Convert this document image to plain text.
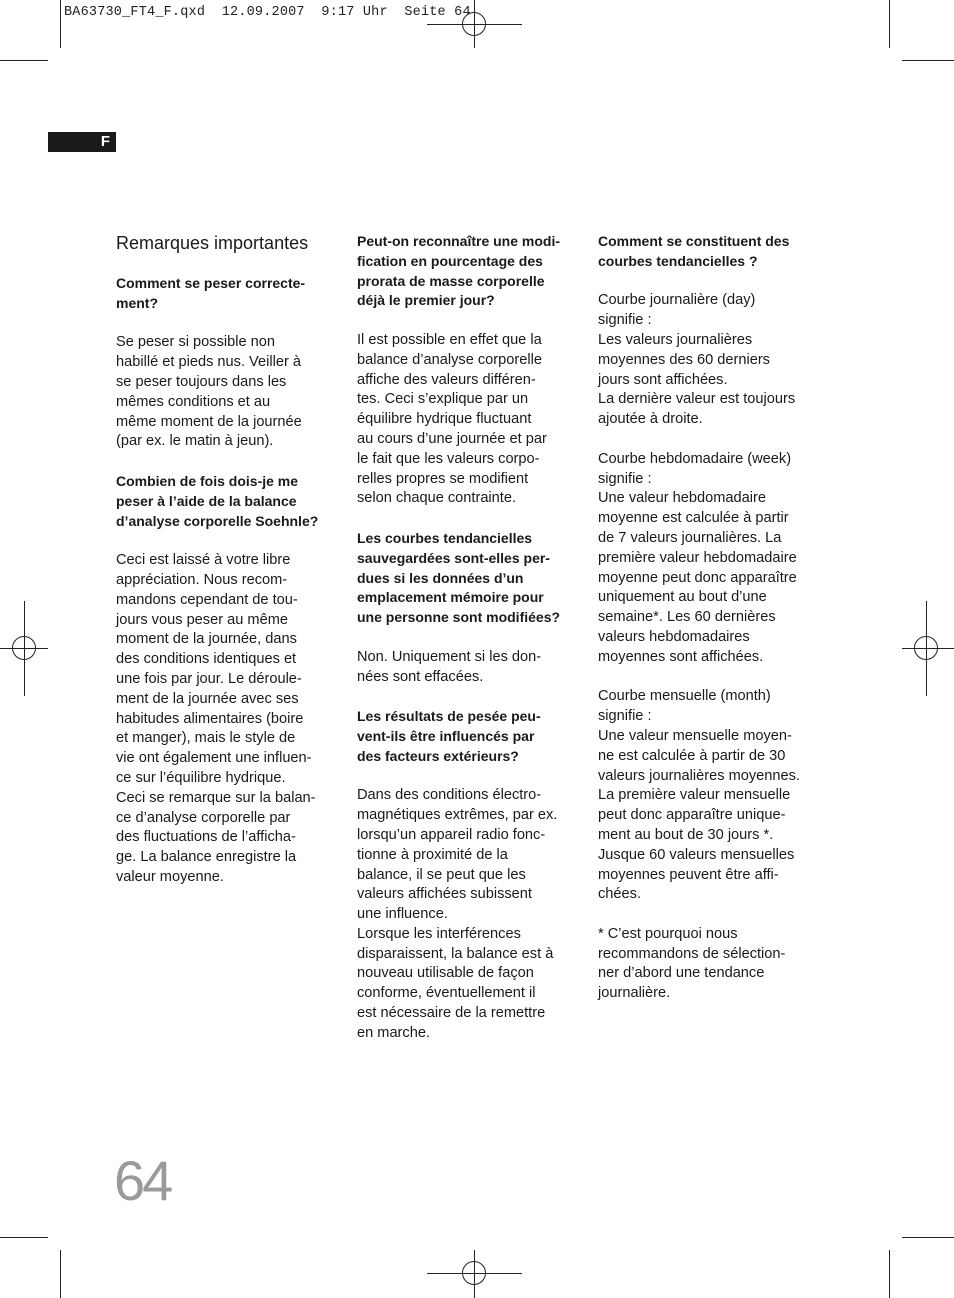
BA63730_FT4_F.qxd  12.09.2007  9:17 Uhr  Seite 64
F
Remarques importantes

Comment se peser correcte-
ment?

Se peser si possible non
habillé et pieds nus. Veiller à
se peser toujours dans les
mêmes conditions et au
même moment de la journée
(par ex. le matin à jeun).

Combien de fois dois-je me
peser à l’aide de la balance
d’analyse corporelle Soehnle?

Ceci est laissé à votre libre
appréciation. Nous recom-
mandons cependant de tou-
jours vous peser au même
moment de la journée, dans
des conditions identiques et
une fois par jour. Le déroule-
ment de la journée avec ses
habitudes alimentaires (boire
et manger), mais le style de
vie ont également une influen-
ce sur l’équilibre hydrique.
Ceci se remarque sur la balan-
ce d’analyse corporelle par
des fluctuations de l’afficha-
ge. La balance enregistre la
valeur moyenne.

Peut-on reconnaître une modi-
fication en pourcentage des
prorata de masse corporelle
déjà le premier jour?

Il est possible en effet que la
balance d’analyse corporelle
affiche des valeurs différen-
tes. Ceci s’explique par un
équilibre hydrique fluctuant
au cours d’une journée et par
le fait que les valeurs corpo-
relles propres se modifient
selon chaque contrainte.

Les courbes tendancielles
sauvegardées sont-elles per-
dues si les données d’un
emplacement mémoire pour
une personne sont modifiées?

Non. Uniquement si les don-
nées sont effacées.

Les résultats de pesée peu-
vent-ils être influencés par
des facteurs extérieurs?

Dans des conditions électro-
magnétiques extrêmes, par ex.
lorsqu’un appareil radio fonc-
tionne à proximité de la
balance, il se peut que les
valeurs affichées subissent
une influence.
Lorsque les interférences
disparaissent, la balance est à
nouveau utilisable de façon
conforme, éventuellement il
est nécessaire de la remettre
en marche.

Comment se constituent des
courbes tendancielles ?

Courbe journalière (day)
signifie :
Les valeurs journalières
moyennes des 60 derniers
jours sont affichées.
La dernière valeur est toujours
ajoutée à droite.

Courbe hebdomadaire (week)
signifie :
Une valeur hebdomadaire
moyenne est calculée à partir
de 7 valeurs journalières. La
première valeur hebdomadaire
moyenne peut donc apparaître
uniquement au bout d’une
semaine*. Les 60 dernières
valeurs hebdomadaires
moyennes sont affichées.

Courbe mensuelle (month)
signifie :
Une valeur mensuelle moyen-
ne est calculée à partir de 30
valeurs journalières moyennes.
La première valeur mensuelle
peut donc apparaître unique-
ment au bout de 30 jours *.
Jusque 60 valeurs mensuelles
moyennes peuvent être affi-
chées.

* C’est pourquoi nous
recommandons de sélection-
ner d’abord une tendance
journalière.

64
